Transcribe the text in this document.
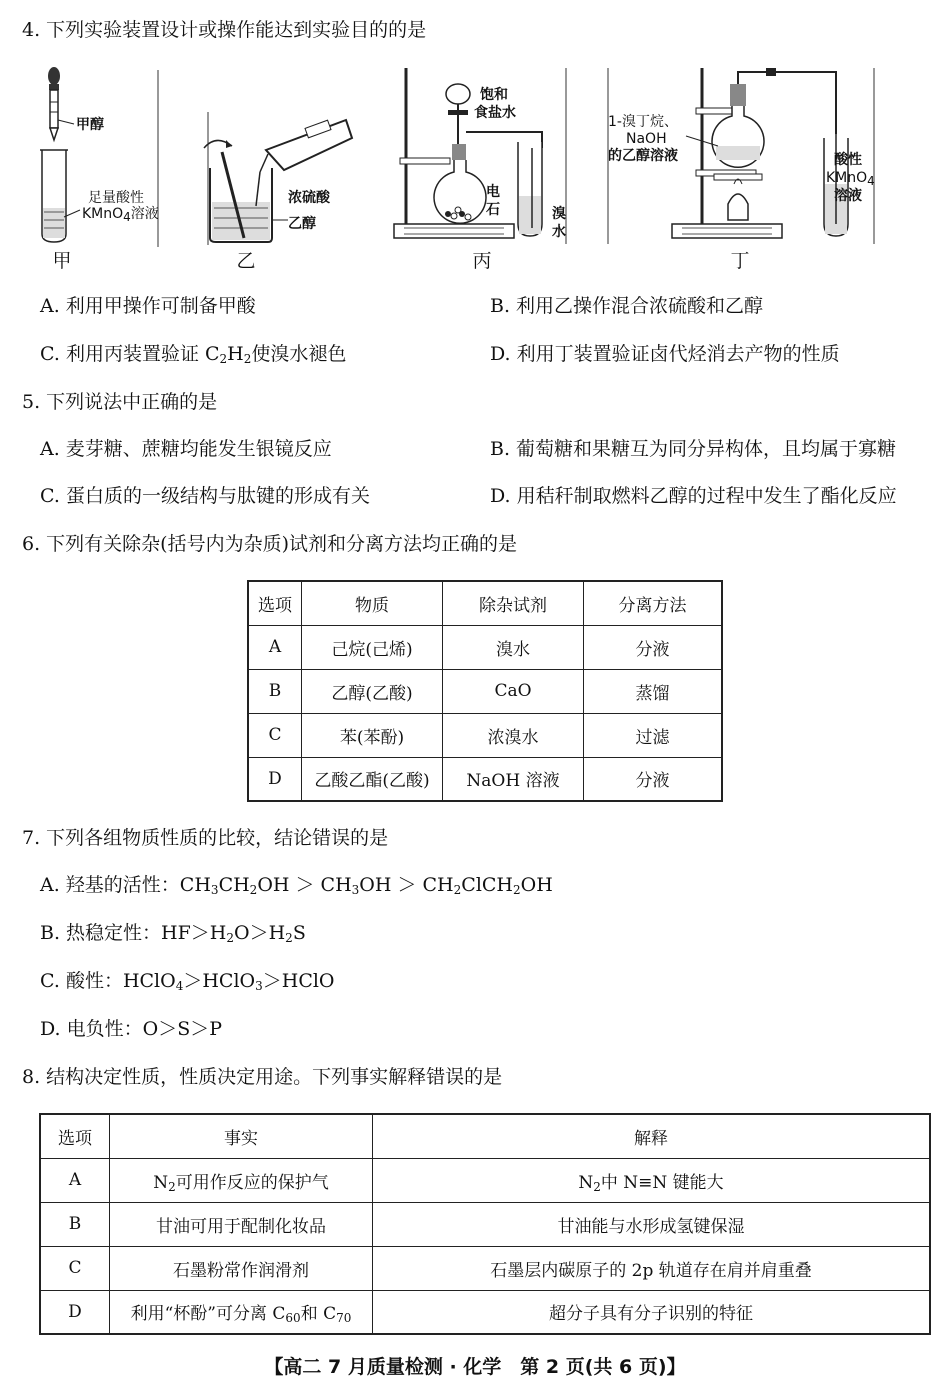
4. 下列实验装置设计或操作能达到实验目的的是
甲醇
足量酸性
KMnO$_4$溶液
甲
浓硫酸
乙醇
乙
饱和
食盐水
电
石	溴
水
丙
1-溴丁烷、
NaOH
的乙醇溶液	酸性
KMnO$_4$
溶液
丁
A. 利用甲操作可制备甲酸	B. 利用乙操作混合浓硫酸和乙醇
C. 利用丙装置验证 $C_2H_2$使溴水褪色	D. 利用丁装置验证卤代烃消去产物的性质
5. 下列说法中正确的是
A. 麦芽糖、蔗糖均能发生银镜反应	B. 葡萄糖和果糖互为同分异构体，且均属于寡糖
C. 蛋白质的一级结构与肽键的形成有关	D. 用秸秆制取燃料乙醇的过程中发生了酯化反应
6. 下列有关除杂(括号内为杂质)试剂和分离方法均正确的是
选项	物质	除杂试剂	分离方法
A	己烷(己烯)	溴水	分液
B	乙醇(乙酸)	CaO	蒸馏
C	苯(苯酚)	浓溴水	过滤
D	乙酸乙酯(乙酸)	NaOH 溶液	分液
7. 下列各组物质性质的比较，结论错误的是
A. 羟基的活性：$CH_3CH_2OH > CH_3OH$ ＞ $CH_2ClCH_2OH$
B. 热稳定性：$HF>H_2O>H_2S$
C. 酸性：HClO$_4$＞HClO$_3$＞HClO
D. 电负性：O＞S＞P
8. 结构决定性质，性质决定用途。下列事实解释错误的是
选项	事实	解释
A	$N_2$可用作反应的保护气	$N_2$中 N≡N 键能大
B	甘油可用于配制化妆品	甘油能与水形成氢键保湿
C	石墨粉常作润滑剂	石墨层内碳原子的 2p 轨道存在肩并肩重叠
D	利用“杯酚”可分离 $C_{60}$和 $C_{70}$	超分子具有分子识别的特征
【高二 7 月质量检测 · 化学　第 2 页(共 6 页)】
